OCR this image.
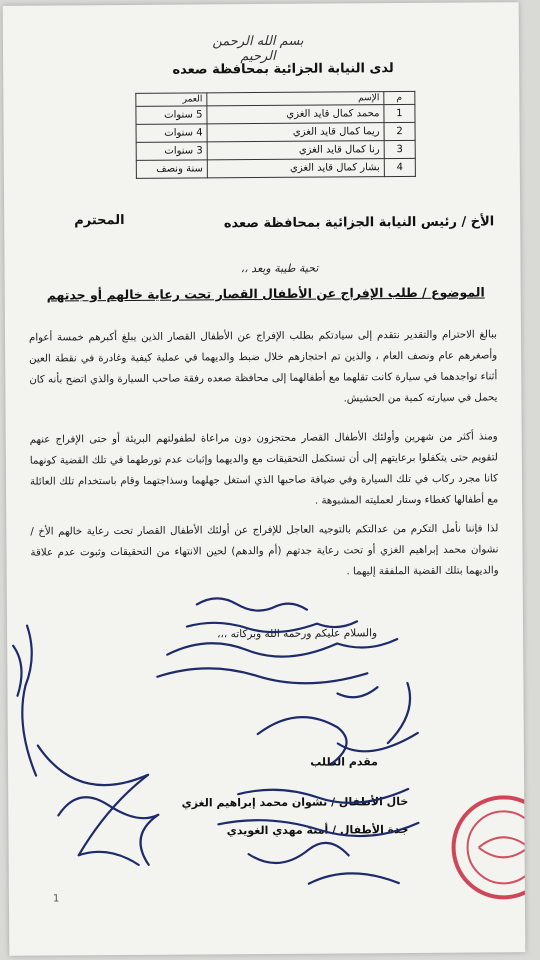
بسم الله الرحمن الرحيم
لدى النيابة الجزائية بمحافظة صعده
م	الإسم	العمر
1	محمد كمال قايد الغزي	5 سنوات
2	ريما كمال قايد الغزي	4 سنوات
3	رنا كمال قايد الغزي	3 سنوات
4	بشار كمال قايد الغزي	سنة ونصف
الأخ / رئيس النيابة الجزائية بمحافظة صعده
المحترم
تحية طيبة وبعد ،،
الموضوع / طلب الإفراج عن الأطفال القصار تحت رعاية خالهم أو جدتهم
ببالغ الاحترام والتقدير نتقدم إلى سيادتكم بطلب الإفراج عن الأطفال القصار الذين يبلغ أكبرهم خمسة أعوام وأصغرهم عام ونصف العام ، والذين تم احتجازهم خلال ضبط والديهما في عملية كيفية وغادرة في نقطة العين أثناء تواجدهما في سيارة كانت تقلهما مع أطفالهما إلى محافظة صعده رفقة صاحب السيارة والذي اتضح بأنه كان يحمل في سيارته كمية من الحشيش.
ومنذ أكثر من شهرين وأولئك الأطفال القصار محتجزون دون مراعاة لطفولتهم البريئة أو حتى الإفراج عنهم لتقويم حتى يتكفلوا برعايتهم إلى أن تستكمل التحقيقات مع والديهما وإثبات عدم تورطهما في تلك القضية كونهما كانا مجرد ركاب في تلك السيارة وفي ضيافة صاحبها الذي استغل جهلهما وسذاجتهما وقام باستخدام تلك العائلة مع أطفالها كغطاء وستار لعمليته المشبوهة .
لذا فإننا نأمل التكرم من عدالتكم بالتوجيه العاجل للإفراج عن أولئك الأطفال القصار تحت رعاية خالهم الأخ / نشوان محمد إبراهيم الغزي أو تحت رعاية جدتهم (أم والدهم) لحين الانتهاء من التحقيقات وثبوت عدم علاقة والديهما بتلك القضية الملفقة إليهما .
والسلام عليكم ورحمة الله وبركاته ،،،
مقدم الطلب
خال الأطفال / نشوان محمد إبراهيم الغزي
جدة الأطفال / أمنة مهدي الغويدي
1
